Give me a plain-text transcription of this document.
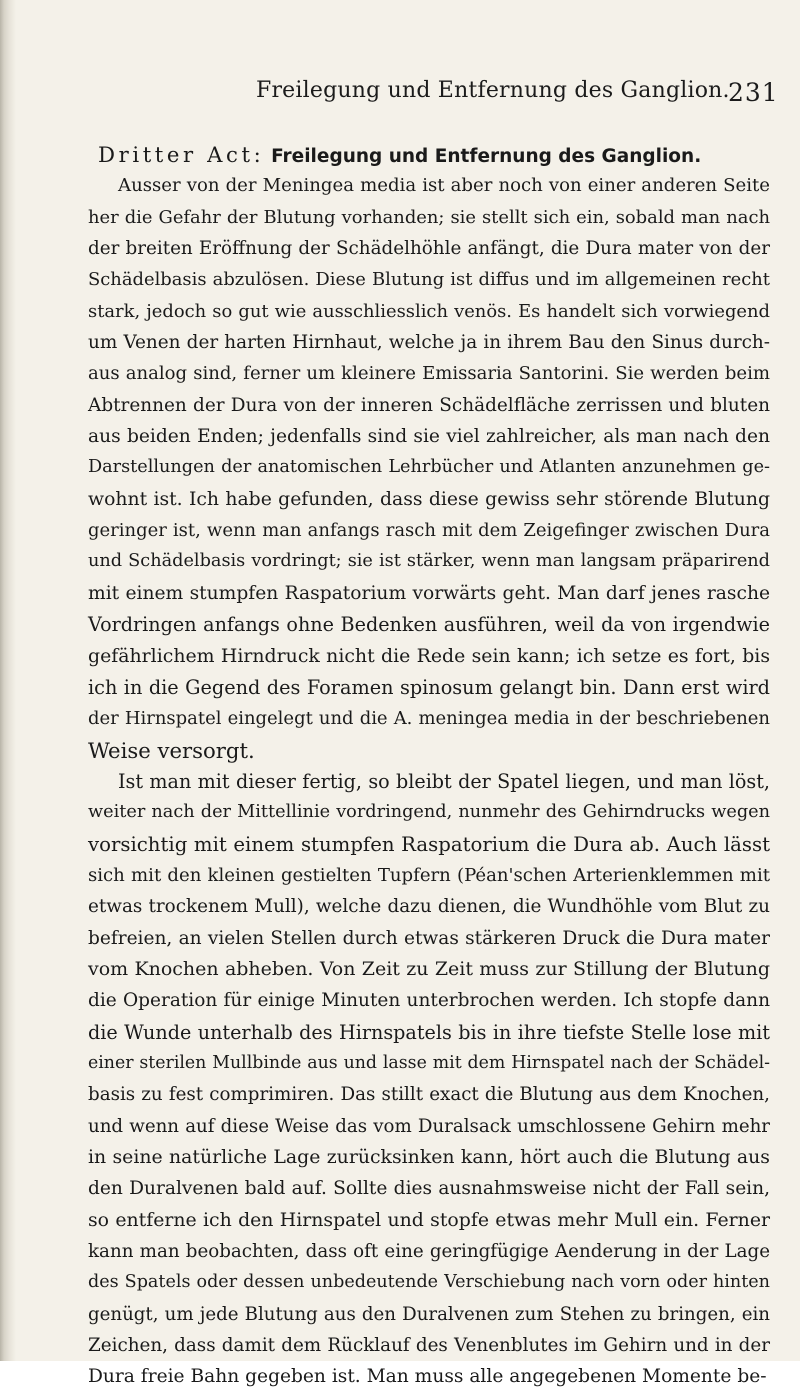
Freilegung und Entfernung des Ganglion.
231
Dritter Act: Freilegung und Entfernung des Ganglion.
Ausser von der Meningea media ist aber noch von einer anderen Seite
her die Gefahr der Blutung vorhanden; sie stellt sich ein, sobald man nach
der breiten Eröffnung der Schädelhöhle anfängt, die Dura mater von der
Schädelbasis abzulösen. Diese Blutung ist diffus und im allgemeinen recht
stark, jedoch so gut wie ausschliesslich venös. Es handelt sich vorwiegend
um Venen der harten Hirnhaut, welche ja in ihrem Bau den Sinus durch-
aus analog sind, ferner um kleinere Emissaria Santorini. Sie werden beim
Abtrennen der Dura von der inneren Schädelfläche zerrissen und bluten
aus beiden Enden; jedenfalls sind sie viel zahlreicher, als man nach den
Darstellungen der anatomischen Lehrbücher und Atlanten anzunehmen ge-
wohnt ist. Ich habe gefunden, dass diese gewiss sehr störende Blutung
geringer ist, wenn man anfangs rasch mit dem Zeigefinger zwischen Dura
und Schädelbasis vordringt; sie ist stärker, wenn man langsam präparirend
mit einem stumpfen Raspatorium vorwärts geht. Man darf jenes rasche
Vordringen anfangs ohne Bedenken ausführen, weil da von irgendwie
gefährlichem Hirndruck nicht die Rede sein kann; ich setze es fort, bis
ich in die Gegend des Foramen spinosum gelangt bin. Dann erst wird
der Hirnspatel eingelegt und die A. meningea media in der beschriebenen
Weise versorgt.
Ist man mit dieser fertig, so bleibt der Spatel liegen, und man löst,
weiter nach der Mittellinie vordringend, nunmehr des Gehirndrucks wegen
vorsichtig mit einem stumpfen Raspatorium die Dura ab. Auch lässt
sich mit den kleinen gestielten Tupfern (Péan'schen Arterienklemmen mit
etwas trockenem Mull), welche dazu dienen, die Wundhöhle vom Blut zu
befreien, an vielen Stellen durch etwas stärkeren Druck die Dura mater
vom Knochen abheben. Von Zeit zu Zeit muss zur Stillung der Blutung
die Operation für einige Minuten unterbrochen werden. Ich stopfe dann
die Wunde unterhalb des Hirnspatels bis in ihre tiefste Stelle lose mit
einer sterilen Mullbinde aus und lasse mit dem Hirnspatel nach der Schädel-
basis zu fest comprimiren. Das stillt exact die Blutung aus dem Knochen,
und wenn auf diese Weise das vom Duralsack umschlossene Gehirn mehr
in seine natürliche Lage zurücksinken kann, hört auch die Blutung aus
den Duralvenen bald auf. Sollte dies ausnahmsweise nicht der Fall sein,
so entferne ich den Hirnspatel und stopfe etwas mehr Mull ein. Ferner
kann man beobachten, dass oft eine geringfügige Aenderung in der Lage
des Spatels oder dessen unbedeutende Verschiebung nach vorn oder hinten
genügt, um jede Blutung aus den Duralvenen zum Stehen zu bringen, ein
Zeichen, dass damit dem Rücklauf des Venenblutes im Gehirn und in der
Dura freie Bahn gegeben ist. Man muss alle angegebenen Momente be-
